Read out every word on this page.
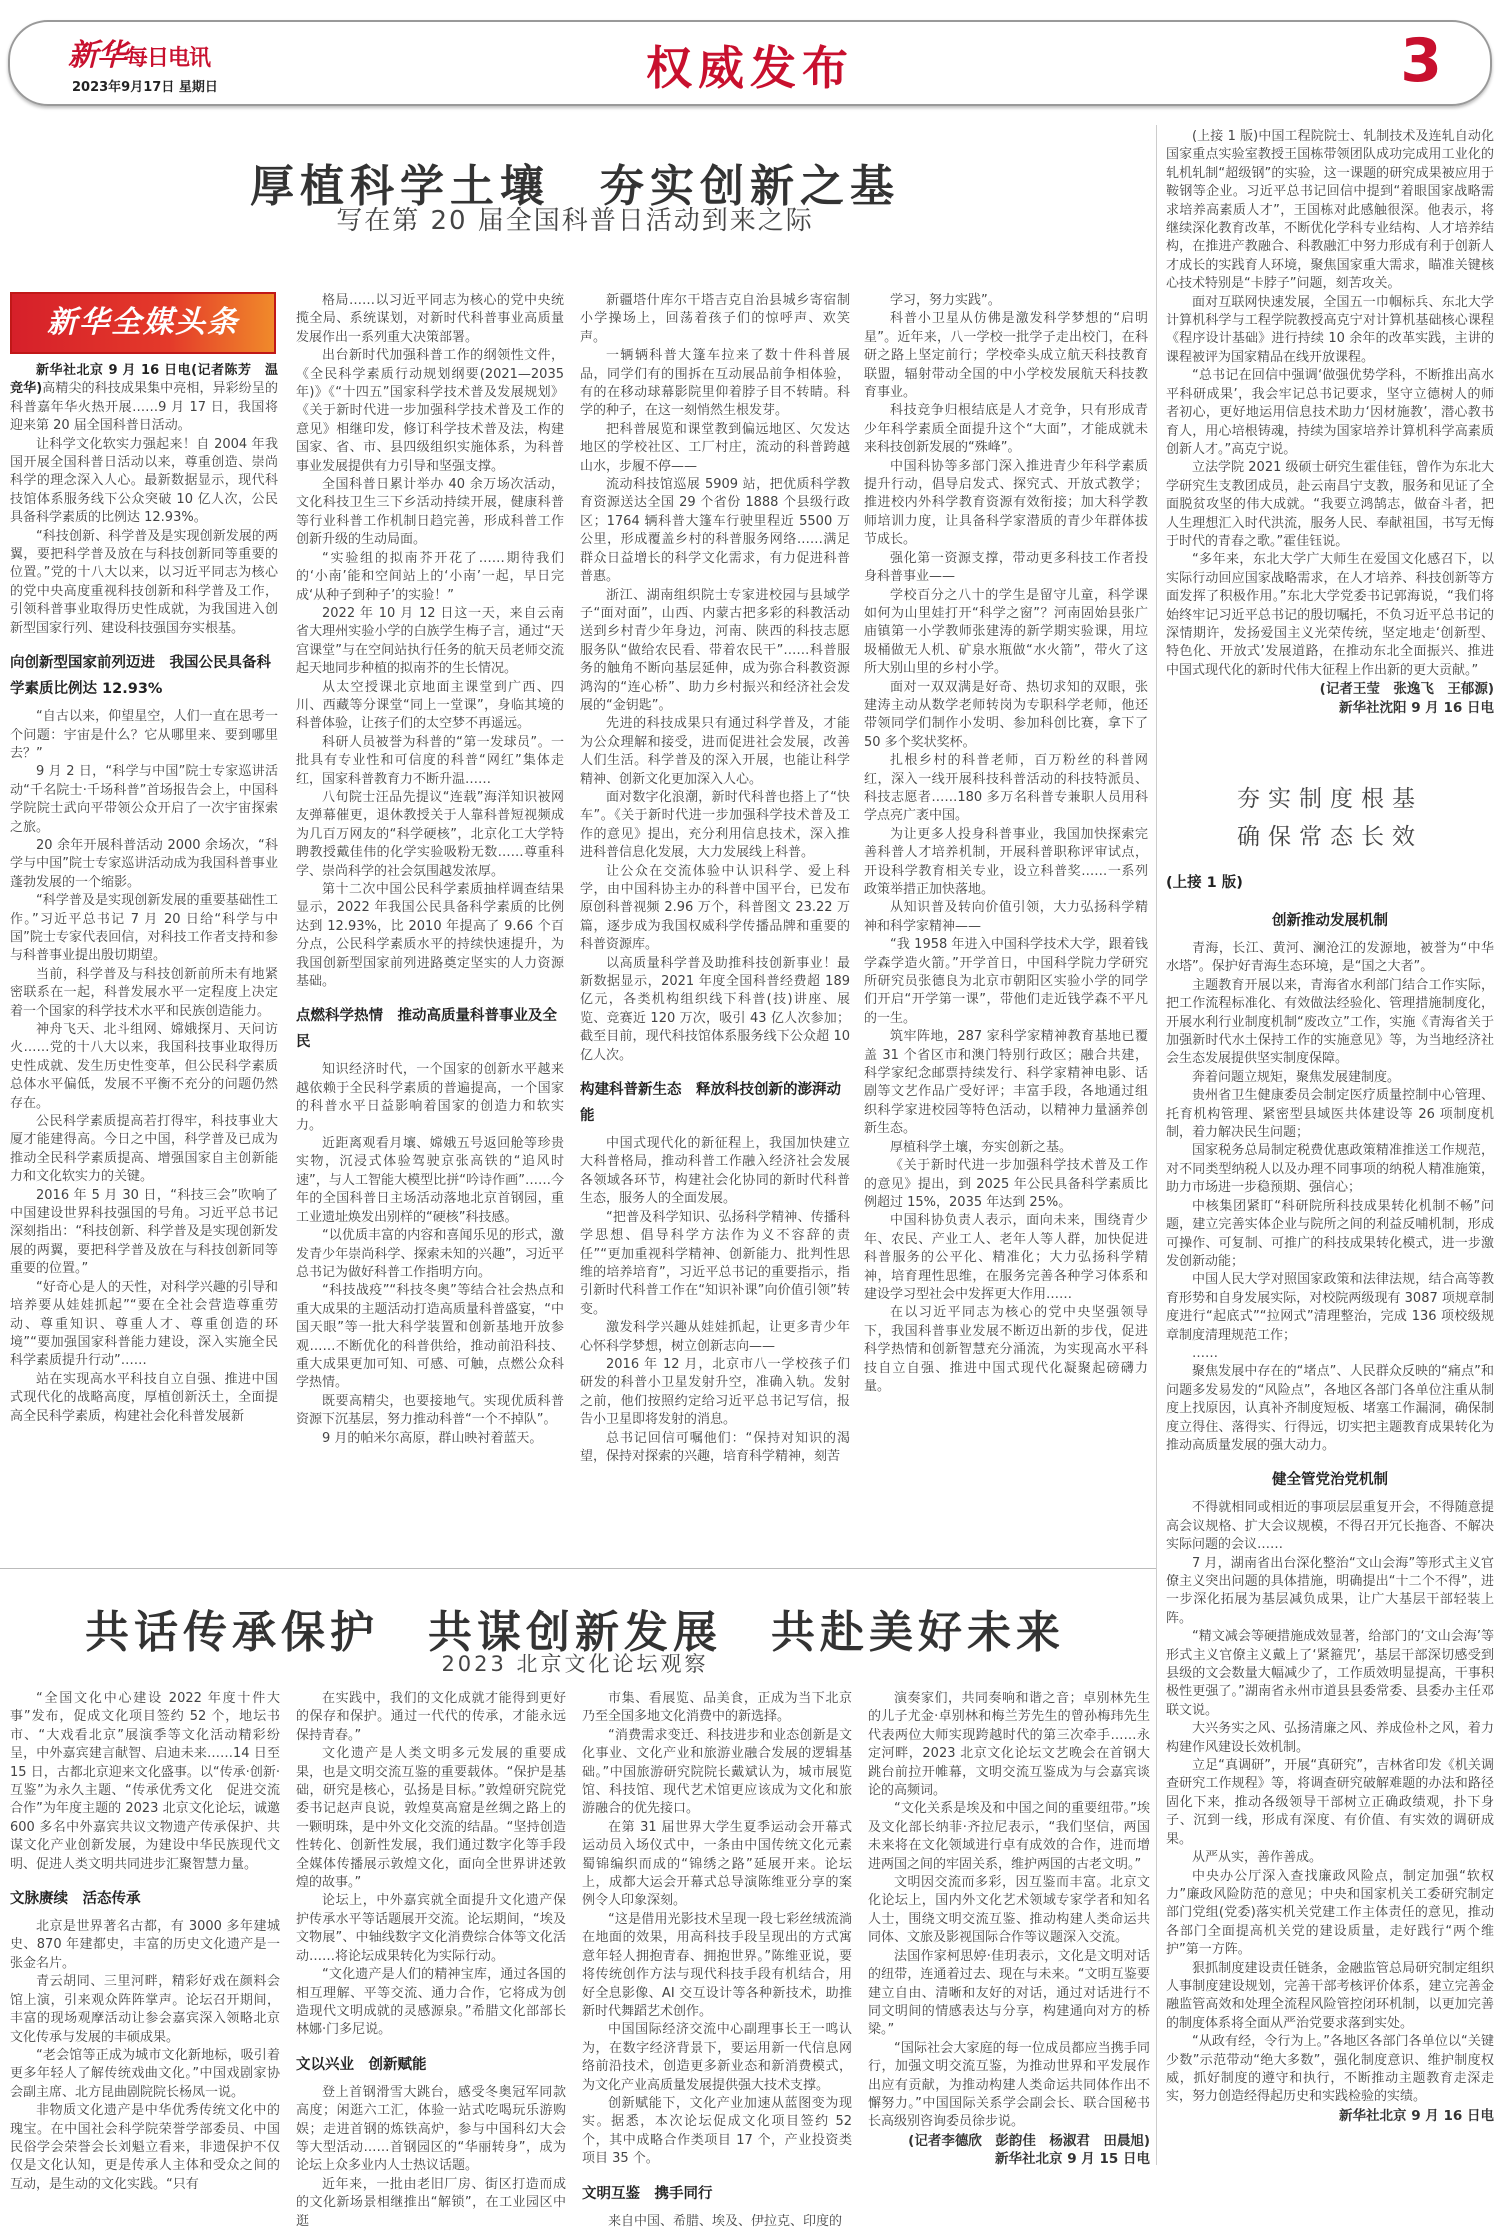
新华每日电讯
2023年9月17日 星期日	权威发布	3
厚植科学土壤　夯实创新之基
写在第 20 届全国科普日活动到来之际
新华全媒头条

新华社北京 9 月 16 日电(记者陈芳　温竞华)高精尖的科技成果集中亮相，异彩纷呈的科普嘉年华火热开展……9 月 17 日，我国将迎来第 20 届全国科普日活动。

让科学文化软实力强起来！自 2004 年我国开展全国科普日活动以来，尊重创造、崇尚科学的理念深入人心。最新数据显示，现代科技馆体系服务线下公众突破 10 亿人次，公民具备科学素质的比例达 12.93%。

“科技创新、科学普及是实现创新发展的两翼，要把科学普及放在与科技创新同等重要的位置。”党的十八大以来，以习近平同志为核心的党中央高度重视科技创新和科学普及工作，引领科普事业取得历史性成就，为我国进入创新型国家行列、建设科技强国夯实根基。

向创新型国家前列迈进　我国公民具备科学素质比例达 12.93%

“自古以来，仰望星空，人们一直在思考一个问题：宇宙是什么？它从哪里来、要到哪里去？”

9 月 2 日，“科学与中国”院士专家巡讲活动“千名院士·千场科普”首场报告会上，中国科学院院士武向平带领公众开启了一次宇宙探索之旅。

20 余年开展科普活动 2000 余场次，“科学与中国”院士专家巡讲活动成为我国科普事业蓬勃发展的一个缩影。

“科学普及是实现创新发展的重要基础性工作。”习近平总书记 7 月 20 日给“科学与中国”院士专家代表回信，对科技工作者支持和参与科普事业提出殷切期望。

当前，科学普及与科技创新前所未有地紧密联系在一起，科普发展水平一定程度上决定着一个国家的科学技术水平和民族创造能力。

神舟飞天、北斗组网、嫦娥探月、天问访火……党的十八大以来，我国科技事业取得历史性成就、发生历史性变革，但公民科学素质总体水平偏低，发展不平衡不充分的问题仍然存在。

公民科学素质提高若打得牢，科技事业大厦才能建得高。今日之中国，科学普及已成为推动全民科学素质提高、增强国家自主创新能力和文化软实力的关键。

2016 年 5 月 30 日，“科技三会”吹响了中国建设世界科技强国的号角。习近平总书记深刻指出：“科技创新、科学普及是实现创新发展的两翼，要把科学普及放在与科技创新同等重要的位置。”

“好奇心是人的天性，对科学兴趣的引导和培养要从娃娃抓起”“要在全社会营造尊重劳动、尊重知识、尊重人才、尊重创造的环境”“要加强国家科普能力建设，深入实施全民科学素质提升行动”……

站在实现高水平科技自立自强、推进中国式现代化的战略高度，厚植创新沃土，全面提高全民科学素质，构建社会化科普发展新

格局……以习近平同志为核心的党中央统揽全局、系统谋划，对新时代科普事业高质量发展作出一系列重大决策部署。

出台新时代加强科普工作的纲领性文件，《全民科学素质行动规划纲要(2021—2035 年)》《“十四五”国家科学技术普及发展规划》《关于新时代进一步加强科学技术普及工作的意见》相继印发，修订科学技术普及法，构建国家、省、市、县四级组织实施体系，为科普事业发展提供有力引导和坚强支撑。

全国科普日累计举办 40 余万场次活动，文化科技卫生三下乡活动持续开展，健康科普等行业科普工作机制日趋完善，形成科普工作创新升级的生动局面。

“实验组的拟南芥开花了……期待我们的‘小南’能和空间站上的‘小南’一起，早日完成‘从种子到种子’的实验！”

2022 年 10 月 12 日这一天，来自云南省大理州实验小学的白族学生梅子言，通过“天宫课堂”与在空间站执行任务的航天员老师交流起天地同步种植的拟南芥的生长情况。

从太空授课北京地面主课堂到广西、四川、西藏等分课堂“同上一堂课”，身临其境的科普体验，让孩子们的太空梦不再遥远。

科研人员被誉为科普的“第一发球员”。一批具有专业性和可信度的科普“网红”集体走红，国家科普教育力不断升温……

八旬院士汪品先提议“连载”海洋知识被网友弹幕催更，退休教授关于人靠科普短视频成为几百万网友的“科学硬核”，北京化工大学特聘教授戴佳伟的化学实验吸粉无数……尊重科学、崇尚科学的社会氛围越发浓厚。

第十二次中国公民科学素质抽样调查结果显示，2022 年我国公民具备科学素质的比例达到 12.93%，比 2010 年提高了 9.66 个百分点，公民科学素质水平的持续快速提升，为我国创新型国家前列进路奠定坚实的人力资源基础。

点燃科学热情　推动高质量科普事业及全民

知识经济时代，一个国家的创新水平越来越依赖于全民科学素质的普遍提高，一个国家的科普水平日益影响着国家的创造力和软实力。

近距离观看月壤、嫦娥五号返回舱等珍贵实物，沉浸式体验驾驶京张高铁的“追风时速”，与人工智能大模型比拼“吟诗作画”……今年的全国科普日主场活动落地北京首钢园，重工业遗址焕发出别样的“硬核”科技感。

“以优质丰富的内容和喜闻乐见的形式，激发青少年崇尚科学、探索未知的兴趣”，习近平总书记为做好科普工作指明方向。

“科技战疫”“科技冬奥”等结合社会热点和重大成果的主题活动打造高质量科普盛宴，“中国天眼”等一批大科学装置和创新基地开放参观……不断优化的科普供给，推动前沿科技、重大成果更加可知、可感、可触，点燃公众科学热情。

既要高精尖，也要接地气。实现优质科普资源下沉基层，努力推动科普“一个不掉队”。

9 月的帕米尔高原，群山映衬着蓝天。

新疆塔什库尔干塔吉克自治县城乡寄宿制小学操场上，回荡着孩子们的惊呼声、欢笑声。

一辆辆科普大篷车拉来了数十件科普展品，同学们有的围拆在互动展品前争相体验，有的在移动球幕影院里仰着脖子目不转睛。科学的种子，在这一刻悄然生根发芽。

把科普展览和课堂教到偏远地区、欠发达地区的学校社区、工厂村庄，流动的科普跨越山水，步履不停——

流动科技馆巡展 5909 站，把优质科学教育资源送达全国 29 个省份 1888 个县级行政区；1764 辆科普大篷车行驶里程近 5500 万公里，形成覆盖乡村的科普服务网络……满足群众日益增长的科学文化需求，有力促进科普普惠。

浙江、湖南组织院士专家进校园与县域学子“面对面”，山西、内蒙古把多彩的科教活动送到乡村青少年身边，河南、陕西的科技志愿服务队“做给农民看、带着农民干”……科普服务的触角不断向基层延伸，成为弥合科教资源鸿沟的“连心桥”、助力乡村振兴和经济社会发展的“金钥匙”。

先进的科技成果只有通过科学普及，才能为公众理解和接受，进而促进社会发展，改善人们生活。科学普及的深入开展，也能让科学精神、创新文化更加深入人心。

面对数字化浪潮，新时代科普也搭上了“快车”。《关于新时代进一步加强科学技术普及工作的意见》提出，充分利用信息技术，深入推进科普信息化发展，大力发展线上科普。

让公众在交流体验中认识科学、爱上科学，由中国科协主办的科普中国平台，已发布原创科普视频 2.96 万个，科普图文 23.22 万篇，逐步成为我国权威科学传播品牌和重要的科普资源库。

以高质量科学普及助推科技创新事业！最新数据显示，2021 年度全国科普经费超 189 亿元，各类机构组织线下科普(技)讲座、展览、竞赛近 120 万次，吸引 43 亿人次参加；截至目前，现代科技馆体系服务线下公众超 10 亿人次。

构建科普新生态　释放科技创新的澎湃动能

中国式现代化的新征程上，我国加快建立大科普格局，推动科普工作融入经济社会发展各领域各环节，构建社会化协同的新时代科普生态，服务人的全面发展。

“把普及科学知识、弘扬科学精神、传播科学思想、倡导科学方法作为义不容辞的责任”“更加重视科学精神、创新能力、批判性思维的培养培育”，习近平总书记的重要指示，指引新时代科普工作在“知识补课”向价值引领”转变。

激发科学兴趣从娃娃抓起，让更多青少年心怀科学梦想，树立创新志向——

2016 年 12 月，北京市八一学校孩子们研发的科普小卫星发射升空，准确入轨。发射之前，他们按照约定给习近平总书记写信，报告小卫星即将发射的消息。

总书记回信可嘱他们：“保持对知识的渴望，保持对探索的兴趣，培育科学精神，刻苦

学习，努力实践”。

科普小卫星从仿佛是激发科学梦想的“启明星”。近年来，八一学校一批学子走出校门，在科研之路上坚定前行；学校牵头成立航天科技教育联盟，辐射带动全国的中小学校发展航天科技教育事业。

科技竞争归根结底是人才竞争，只有形成青少年科学素质全面提升这个“大面”，才能成就未来科技创新发展的“殊峰”。

中国科协等多部门深入推进青少年科学素质提升行动，倡导启发式、探究式、开放式教学；推进校内外科学教育资源有效衔接；加大科学教师培训力度，让具备科学家潜质的青少年群体拔节成长。

强化第一资源支撑，带动更多科技工作者投身科普事业——

学校百分之八十的学生是留守儿童，科学课如何为山里娃打开“科学之窗”？河南固始县张广庙镇第一小学教师张建涛的新学期实验课，用垃圾桶做无人机、矿泉水瓶做“水火箭”，带火了这所大别山里的乡村小学。

面对一双双满是好奇、热切求知的双眼，张建涛主动从数学老师转岗为专职科学老师，他还带领同学们制作小发明、参加科创比赛，拿下了 50 多个奖状奖杯。

扎根乡村的科普老师，百万粉丝的科普网红，深入一线开展科技科普活动的科技特派员、科技志愿者……180 多万名科普专兼职人员用科学点亮广袤中国。

为让更多人投身科普事业，我国加快探索完善科普人才培养机制，开展科普职称评审试点，开设科学教育相关专业，设立科普奖……一系列政策举措正加快落地。

从知识普及转向价值引领，大力弘扬科学精神和科学家精神——

“我 1958 年进入中国科学技术大学，跟着钱学森学造火箭。”开学首日，中国科学院力学研究所研究员张德良为北京市朝阳区实验小学的同学们开启“开学第一课”，带他们走近钱学森不平凡的一生。

筑牢阵地，287 家科学家精神教育基地已覆盖 31 个省区市和澳门特别行政区；融合共建，科学家纪念邮票持续发行、科学家精神电影、话剧等文艺作品广受好评；丰富手段，各地通过组织科学家进校园等特色活动，以精神力量涵养创新生态。

厚植科学土壤，夯实创新之基。

《关于新时代进一步加强科学技术普及工作的意见》提出，到 2025 年公民具备科学素质比例超过 15%，2035 年达到 25%。

中国科协负责人表示，面向未来，围绕青少年、农民、产业工人、老年人等人群，加快促进科普服务的公平化、精准化；大力弘扬科学精神，培育理性思维，在服务完善各种学习体系和建设学习型社会中发挥更大作用……

在以习近平同志为核心的党中央坚强领导下，我国科普事业发展不断迈出新的步伐，促进科学热情和创新智慧充分涌流，为实现高水平科技自立自强、推进中国式现代化凝聚起磅礴力量。

(上接 1 版)中国工程院院士、轧制技术及连轧自动化国家重点实验室教授王国栋带领团队成功完成用工业化的轧机轧制“超级钢”的实验，这一课题的研究成果被应用于鞍钢等企业。习近平总书记回信中提到“着眼国家战略需求培养高素质人才”，王国栋对此感触很深。他表示，将继续深化教育改革，不断优化学科专业结构、人才培养结构，在推进产教融合、科教融汇中努力形成有利于创新人才成长的实践育人环境，聚焦国家重大需求，瞄准关键核心技术特别是“卡脖子”问题，刻苦攻关。

面对互联网快速发展，全国五一巾帼标兵、东北大学计算机科学与工程学院教授高克宁对计算机基础核心课程《程序设计基础》进行持续 10 余年的改革实践，主讲的课程被评为国家精品在线开放课程。

“总书记在回信中强调‘做强优势学科，不断推出高水平科研成果’，我会牢记总书记要求，坚守立德树人的师者初心，更好地运用信息技术助力‘因材施教’，潜心教书育人，用心培根铸魂，持续为国家培养计算机科学高素质创新人才。”高克宁说。

立法学院 2021 级硕士研究生霍佳钰，曾作为东北大学研究生支教团成员，赴云南昌宁支教，服务和见证了全面脱贫攻坚的伟大成就。“我要立鸿鹄志，做奋斗者，把人生理想汇入时代洪流，服务人民、奉献祖国，书写无悔于时代的青春之歌。”霍佳钰说。

“多年来，东北大学广大师生在爱国文化感召下，以实际行动回应国家战略需求，在人才培养、科技创新等方面发挥了积极作用。”东北大学党委书记郭海说，“我们将始终牢记习近平总书记的殷切嘱托，不负习近平总书记的深情期许，发扬爱国主义光荣传统，坚定地走‘创新型、特色化、开放式’发展道路，在推动东北全面振兴、推进中国式现代化的新时代伟大征程上作出新的更大贡献。”

(记者王莹　张逸飞　王郁源)

新华社沈阳 9 月 16 日电

夯实制度根基
确保常态长效

(上接 1 版)

创新推动发展机制

青海，长江、黄河、澜沧江的发源地，被誉为“中华水塔”。保护好青海生态环境，是“国之大者”。

主题教育开展以来，青海省水利部门结合工作实际，把工作流程标准化、有效做法经验化、管理措施制度化，开展水利行业制度机制“废改立”工作，实施《青海省关于加强新时代水土保持工作的实施意见》等，为当地经济社会生态发展提供坚实制度保障。

奔着问题立规矩，聚焦发展建制度。

贵州省卫生健康委员会制定医疗质量控制中心管理、托育机构管理、紧密型县域医共体建设等 26 项制度机制，着力解决民生问题；

国家税务总局制定税费优惠政策精准推送工作规范，对不同类型纳税人以及办理不同事项的纳税人精准施策，助力市场进一步稳预期、强信心；

中核集团紧盯“科研院所科技成果转化机制不畅”问题，建立完善实体企业与院所之间的利益反哺机制，形成可操作、可复制、可推广的科技成果转化模式，进一步激发创新动能；

中国人民大学对照国家政策和法律法规，结合高等教育形势和自身发展实际，对校院两级现有 3087 项规章制度进行“起底式”“拉网式”清理整治，完成 136 项校级规章制度清理规范工作；

……

聚焦发展中存在的“堵点”、人民群众反映的“痛点”和问题多发易发的“风险点”，各地区各部门各单位注重从制度上找原因，认真补齐制度短板、堵塞工作漏洞，确保制度立得住、落得实、行得远，切实把主题教育成果转化为推动高质量发展的强大动力。

健全管党治党机制

不得就相同或相近的事项层层重复开会，不得随意提高会议规格、扩大会议规模，不得召开冗长拖沓、不解决实际问题的会议……

7 月，湖南省出台深化整治“文山会海”等形式主义官僚主义突出问题的具体措施，明确提出“十二个不得”，进一步深化拓展为基层减负成果，让广大基层干部轻装上阵。

“精文减会等硬措施成效显著，给部门的‘文山会海’等形式主义官僚主义戴上了‘紧箍咒’，基层干部深切感受到县级的文会数量大幅减少了，工作质效明显提高，干事积极性更强了。”湖南省永州市道县县委常委、县委办主任邓联文说。

大兴务实之风、弘扬清廉之风、养成俭朴之风，着力构建作风建设长效机制。

立足“真调研”，开展“真研究”，吉林省印发《机关调查研究工作规程》等，将调查研究破解难题的办法和路径固化下来，推动各级领导干部树立正确政绩观，扑下身子、沉到一线，形成有深度、有价值、有实效的调研成果。

从严从实，善作善成。

中央办公厅深入查找廉政风险点，制定加强“软权力”廉政风险防范的意见；中央和国家机关工委研究制定部门党组(党委)落实机关党建工作主体责任的意见，推动各部门全面提高机关党的建设质量，走好践行“两个维护”第一方阵。

狠抓制度建设责任链条，金融监管总局研究制定组织人事制度建设规划，完善干部考核评价体系，建立完善金融监管高效和处理全流程风险管控闭环机制，以更加完善的制度体系将全面从严治党要求落到实处。

“从政有经，令行为上。”各地区各部门各单位以“关键少数”示范带动“绝大多数”，强化制度意识、维护制度权威，抓好制度的遵守和执行，不断推动主题教育走深走实，努力创造经得起历史和实践检验的实绩。

新华社北京 9 月 16 日电

共话传承保护　共谋创新发展　共赴美好未来
2023 北京文化论坛观察

“全国文化中心建设 2022 年度十件大事”发布，促成文化项目签约 52 个，地坛书市、“大戏看北京”展演季等文化活动精彩纷呈，中外嘉宾建言献智、启迪未来……14 日至 15 日，古都北京迎来文化盛事。以“传承·创新·互鉴”为永久主题、“传承优秀文化　促进交流合作”为年度主题的 2023 北京文化论坛，诚邀 600 多名中外嘉宾共议文物遗产传承保护、共谋文化产业创新发展，为建设中华民族现代文明、促进人类文明共同进步汇聚智慧力量。

文脉赓续　活态传承

北京是世界著名古都，有 3000 多年建城史、870 年建都史，丰富的历史文化遗产是一张金名片。

青云胡同、三里河畔，精彩好戏在颜料会馆上演，引来观众阵阵掌声。论坛召开期间，丰富的现场观摩活动让参会嘉宾深入领略北京文化传承与发展的丰硕成果。

“老会馆等正成为城市文化新地标，吸引着更多年轻人了解传统戏曲文化。”中国戏剧家协会副主席、北方昆曲剧院院长杨凤一说。

非物质文化遗产是中华优秀传统文化中的瑰宝。在中国社会科学院荣誉学部委员、中国民俗学会荣誉会长刘魁立看来，非遗保护不仅仅是文化认知，更是传承人主体和受众之间的互动，是生动的文化实践。“只有

在实践中，我们的文化成就才能得到更好的保存和保护。通过一代代的传承，才能永远保持青春。”

文化遗产是人类文明多元发展的重要成果，也是文明交流互鉴的重要载体。“保护是基础，研究是核心，弘扬是目标。”敦煌研究院党委书记赵声良说，敦煌莫高窟是丝绸之路上的一颗明珠，是中外文化交流的结晶。“坚持创造性转化、创新性发展，我们通过数字化等手段全媒体传播展示敦煌文化，面向全世界讲述敦煌的故事。”

论坛上，中外嘉宾就全面提升文化遗产保护传承水平等话题展开交流。论坛期间，“埃及文物展”、中轴线数字文化消费综合体等文化活动……将论坛成果转化为实际行动。

“文化遗产是人们的精神宝库，通过各国的相互理解、平等交流、通力合作，它将成为创造现代文明成就的灵感源泉。”希腊文化部部长林娜·门多尼说。

文以兴业　创新赋能

登上首钢滑雪大跳台，感受冬奥冠军同款高度；闲逛六工汇，体验一站式吃喝玩乐游购娱；走进首钢的炼铁高炉，参与中国科幻大会等大型活动……首钢园区的“华丽转身”，成为论坛上众多业内人士热议话题。

近年来，一批由老旧厂房、街区打造而成的文化新场景相继推出“解锁”，在工业园区中逛

市集、看展览、品美食，正成为当下北京乃至全国多地文化消费中的新选择。

“消费需求变迁、科技进步和业态创新是文化事业、文化产业和旅游业融合发展的逻辑基础。”中国旅游研究院院长戴斌认为，城市展览馆、科技馆、现代艺术馆更应该成为文化和旅游融合的优先接口。

在第 31 届世界大学生夏季运动会开幕式运动员入场仪式中，一条由中国传统文化元素蜀锦编织而成的“锦绣之路”延展开来。论坛上，成都大运会开幕式总导演陈维亚分享的案例令人印象深刻。

“这是借用光影技术呈现一段七彩丝绒流淌在地面的效果，用高科技手段呈现出的方式寓意年轻人拥抱青春、拥抱世界。”陈维亚说，要将传统创作方法与现代科技手段有机结合，用好全息影像、AI 交互设计等各种新技术，助推新时代舞蹈艺术创作。

中国国际经济交流中心副理事长王一鸣认为，在数字经济背景下，要运用新一代信息网络前沿技术，创造更多新业态和新消费模式，为文化产业高质量发展提供强大技术支撑。

创新赋能下，文化产业加速从蓝图变为现实。据悉，本次论坛促成文化项目签约 52 个，其中成略合作类项目 17 个，产业投资类项目 35 个。

文明互鉴　携手同行

来自中国、希腊、埃及、伊拉克、印度的

演奏家们，共同奏响和谐之音；卓别林先生的儿子尤金·卓别林和梅兰芳先生的曾孙梅玮先生代表两位大师实现跨越时代的第三次牵手……永定河畔，2023 北京文化论坛文艺晚会在首钢大跳台前拉开帷幕，文明交流互鉴成为与会嘉宾谈论的高频词。

“文化关系是埃及和中国之间的重要纽带。”埃及文化部长纳菲·齐拉尼表示，“我们坚信，两国未来将在文化领域进行卓有成效的合作，进而增进两国之间的牢固关系，维护两国的古老文明。”

文明因交流而多彩，因互鉴而丰富。北京文化论坛上，国内外文化艺术领域专家学者和知名人士，围绕文明交流互鉴、推动构建人类命运共同体、文旅及影视国际合作等议题深入交流。

法国作家柯思婷·佳玥表示，文化是文明对话的纽带，连通着过去、现在与未来。“文明互鉴要建立自由、清晰和友好的对话，通过对话进行不同文明间的情感表达与分享，构建通向对方的桥梁。”

“国际社会大家庭的每一位成员都应当携手同行，加强文明交流互鉴，为推动世界和平发展作出应有贡献，为推动构建人类命运共同体作出不懈努力。”中国国际关系学会副会长、联合国秘书长高级别咨询委员徐步说。

(记者李德欣　彭韵佳　杨淑君　田晨旭)

新华社北京 9 月 15 日电
